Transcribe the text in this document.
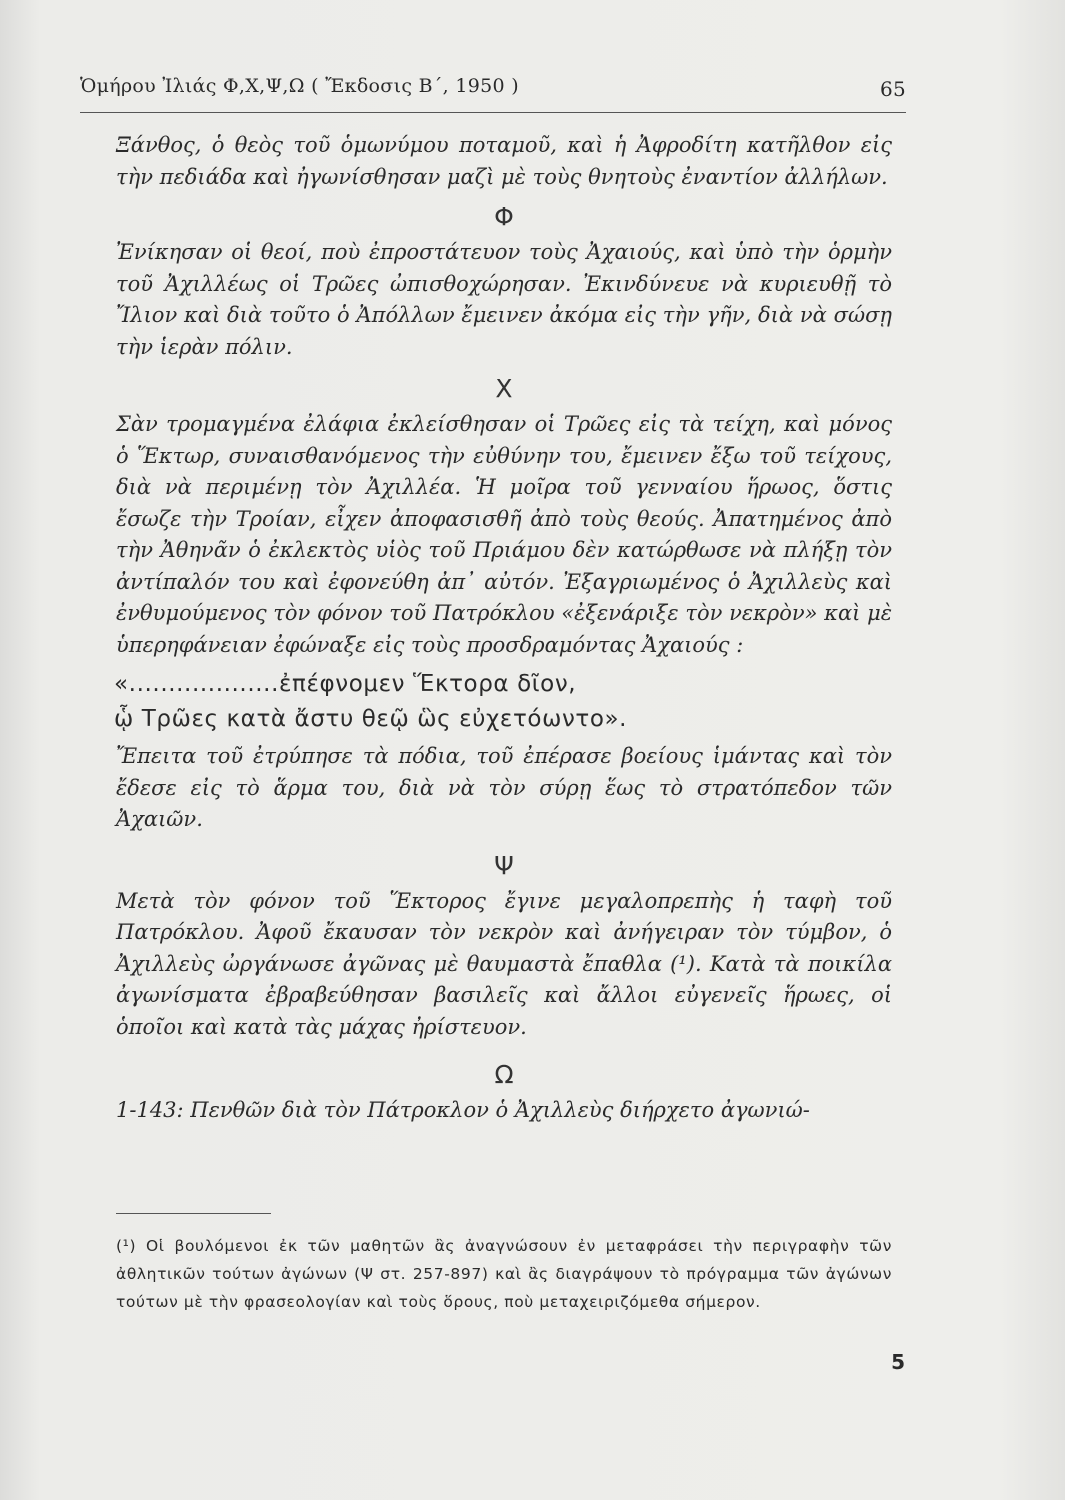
Ὁμήρου Ἰλιάς Φ,Χ,Ψ,Ω ( Ἔκδοσις Β΄, 1950 )	65

Ξάνθος, ὁ θεὸς τοῦ ὁμωνύμου ποταμοῦ, καὶ ἡ Ἀφροδίτη κατῆλθον εἰς τὴν πεδιάδα καὶ ἠγωνίσθησαν μαζὶ μὲ τοὺς θνητοὺς ἐναντίον ἀλλήλων.

Φ

Ἐνίκησαν οἱ θεοί, ποὺ ἐπροστάτευον τοὺς Ἀχαιούς, καὶ ὑπὸ τὴν ὁρμὴν τοῦ Ἀχιλλέως οἱ Τρῶες ὠπισθοχώρησαν. Ἐκινδύνευε νὰ κυριευθῇ τὸ Ἴλιον καὶ διὰ τοῦτο ὁ Ἀπόλλων ἔμεινεν ἀκόμα εἰς τὴν γῆν, διὰ νὰ σώσῃ τὴν ἱερὰν πόλιν.

Χ

Σὰν τρομαγμένα ἐλάφια ἐκλείσθησαν οἱ Τρῶες εἰς τὰ τείχη, καὶ μόνος ὁ Ἕκτωρ, συναισθανόμενος τὴν εὐθύνην του, ἔμεινεν ἔξω τοῦ τείχους, διὰ νὰ περιμένῃ τὸν Ἀχιλλέα. Ἡ μοῖρα τοῦ γενναίου ἥρωος, ὅστις ἔσωζε τὴν Τροίαν, εἶχεν ἀποφασισθῆ ἀπὸ τοὺς θεούς. Ἀπατημένος ἀπὸ τὴν Ἀθηνᾶν ὁ ἐκλεκτὸς υἱὸς τοῦ Πριάμου δὲν κατώρθωσε νὰ πλήξῃ τὸν ἀντίπαλόν του καὶ ἐφονεύθη ἀπ᾽ αὐτόν. Ἐξαγριωμένος ὁ Ἀχιλλεὺς καὶ ἐνθυμούμενος τὸν φόνον τοῦ Πατρόκλου «ἐξενάριξε τὸν νεκρὸν» καὶ μὲ ὑπερηφάνειαν ἐφώναξε εἰς τοὺς προσδραμόντας Ἀχαιούς :

«...................ἐπέφνομεν Ἕκτορα δῖον,
ᾧ Τρῶες κατὰ ἄστυ θεῷ ὣς εὐχετόωντο».

Ἔπειτα τοῦ ἐτρύπησε τὰ πόδια, τοῦ ἐπέρασε βοείους ἱμάντας καὶ τὸν ἔδεσε εἰς τὸ ἅρμα του, διὰ νὰ τὸν σύρῃ ἕως τὸ στρατόπεδον τῶν Ἀχαιῶν.

Ψ

Μετὰ τὸν φόνον τοῦ Ἕκτορος ἔγινε μεγαλοπρεπὴς ἡ ταφὴ τοῦ Πατρόκλου. Ἀφοῦ ἔκαυσαν τὸν νεκρὸν καὶ ἀνήγειραν τὸν τύμβον, ὁ Ἀχιλλεὺς ὠργάνωσε ἀγῶνας μὲ θαυμαστὰ ἔπαθλα (¹). Κατὰ τὰ ποικίλα ἀγωνίσματα ἐβραβεύθησαν βασιλεῖς καὶ ἄλλοι εὐγενεῖς ἥρωες, οἱ ὁποῖοι καὶ κατὰ τὰς μάχας ἠρίστευον.

Ω

1-143: Πενθῶν διὰ τὸν Πάτροκλον ὁ Ἀχιλλεὺς διήρχετο ἀγωνιώ-

(¹) Οἱ βουλόμενοι ἐκ τῶν μαθητῶν ἂς ἀναγνώσουν ἐν μεταφράσει τὴν περιγραφὴν τῶν ἀθλητικῶν τούτων ἀγώνων (Ψ στ. 257-897) καὶ ἂς διαγράψουν τὸ πρόγραμμα τῶν ἀγώνων τούτων μὲ τὴν φρασεολογίαν καὶ τοὺς ὅρους, ποὺ μεταχειριζόμεθα σήμερον.
5
